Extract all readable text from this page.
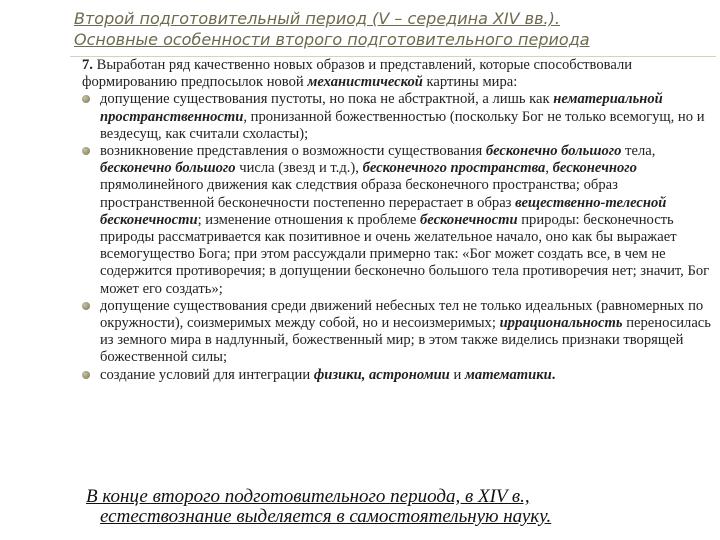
Второй подготовительный период (V – середина XIV вв.).
Основные особенности второго подготовительного периода

7. Выработан ряд качественно новых образов и представлений, которые способствовали формированию предпосылок новой механистической картины мира:

допущение существования пустоты, но пока не абстрактной, а лишь как нематериальной пространственности, пронизанной божественностью (поскольку Бог не только всемогущ, но и вездесущ, как считали схоласты);
возникновение представления о возможности существования бесконечно большого тела, бесконечно большого числа (звезд и т.д.), бесконечного пространства, бесконечного прямолинейного движения как следствия образа бесконечного пространства; образ пространственной бесконечности постепенно перерастает в образ вещественно-телесной бесконечности; изменение отношения к проблеме бесконечности природы: бесконечность природы рассматривается как позитивное и очень желательное начало, оно как бы выражает всемогущество Бога; при этом рассуждали примерно так: «Бог может создать все, в чем не содержится противоречия; в допущении бесконечно большого тела противоречия нет; значит, Бог может его создать»;
допущение существования среди движений небесных тел не только идеальных (равномерных по окружности), соизмеримых между собой, но и несоизмеримых; иррациональность переносилась из земного мира в надлунный, божественный мир; в этом также виделись признаки творящей божественной силы;
создание условий для интеграции физики, астрономии и математики.
В конце второго подготовительного периода, в XIV в.,
естествознание выделяется в самостоятельную науку.
